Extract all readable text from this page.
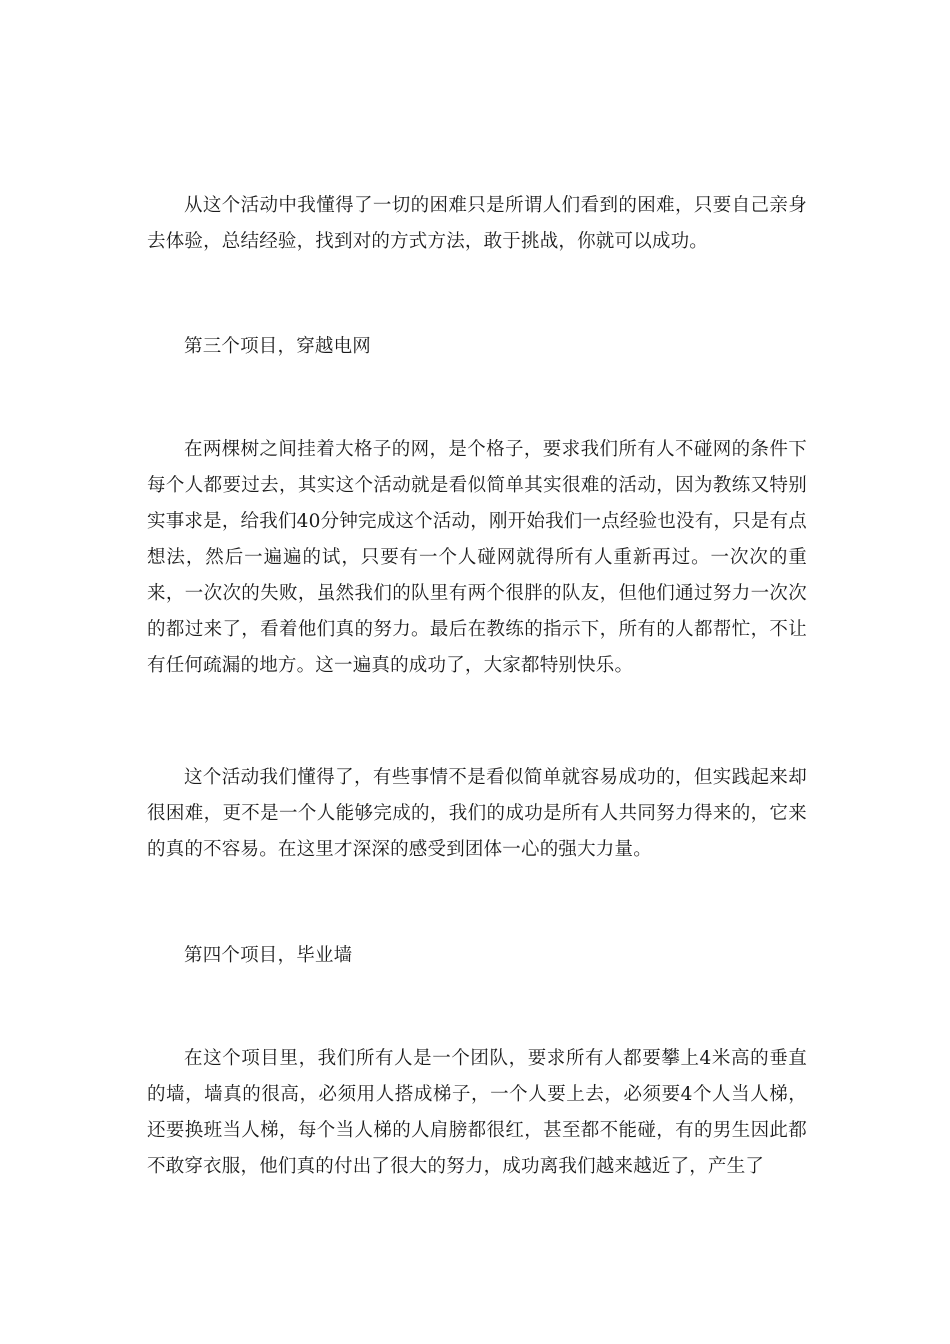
从这个活动中我懂得了一切的困难只是所谓人们看到的困难，只要自己亲身去体验，总结经验，找到对的方式方法，敢于挑战，你就可以成功。

第三个项目，穿越电网

在两棵树之间挂着大格子的网，是个格子，要求我们所有人不碰网的条件下每个人都要过去，其实这个活动就是看似简单其实很难的活动，因为教练又特别实事求是，给我们40分钟完成这个活动，刚开始我们一点经验也没有，只是有点想法，然后一遍遍的试，只要有一个人碰网就得所有人重新再过。一次次的重来，一次次的失败，虽然我们的队里有两个很胖的队友，但他们通过努力一次次的都过来了，看着他们真的努力。最后在教练的指示下，所有的人都帮忙，不让有任何疏漏的地方。这一遍真的成功了，大家都特别快乐。

这个活动我们懂得了，有些事情不是看似简单就容易成功的，但实践起来却很困难，更不是一个人能够完成的，我们的成功是所有人共同努力得来的，它来的真的不容易。在这里才深深的感受到团体一心的强大力量。

第四个项目，毕业墙

在这个项目里，我们所有人是一个团队，要求所有人都要攀上4米高的垂直的墙，墙真的很高，必须用人搭成梯子，一个人要上去，必须要4个人当人梯，还要换班当人梯，每个当人梯的人肩膀都很红，甚至都不能碰，有的男生因此都不敢穿衣服，他们真的付出了很大的努力，成功离我们越来越近了，产生了
